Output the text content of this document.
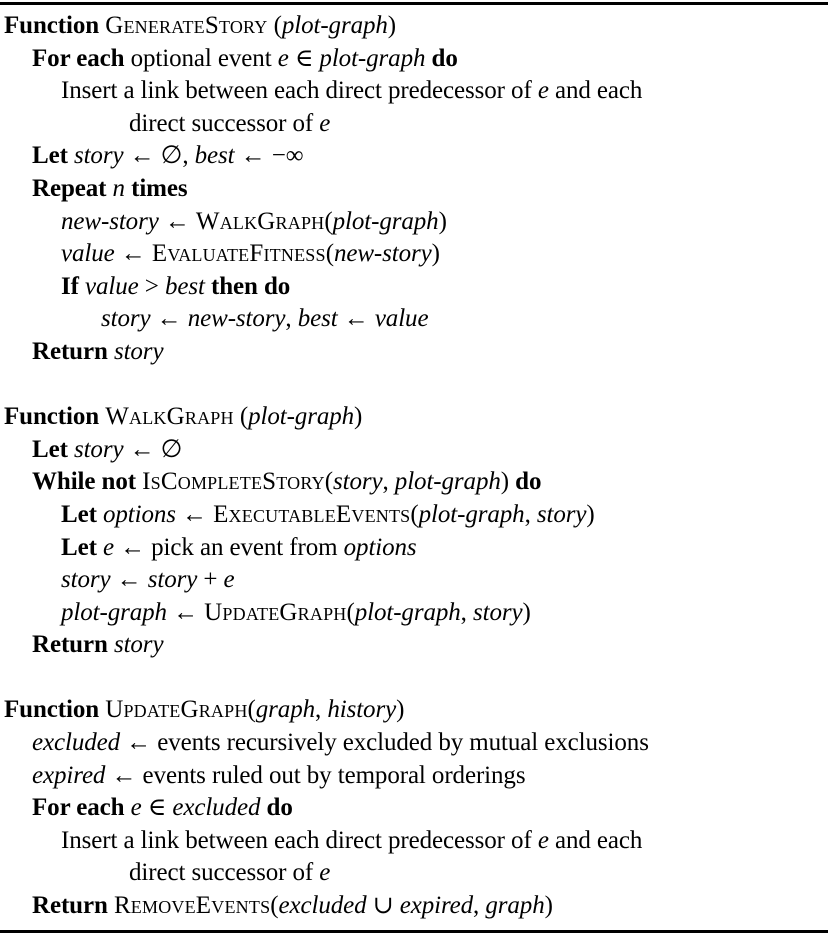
Function GenerateStory (plot-graph)
For each optional event e ∈ plot-graph do
Insert a link between each direct predecessor of e and each
direct successor of e
Let story ← ∅, best ← −∞
Repeat n times
new-story ← WalkGraph(plot-graph)
value ← EvaluateFitness(new-story)
If value > best then do
story ← new-story, best ← value
Return story
Function WalkGraph (plot-graph)
Let story ← ∅
While not IsCompleteStory(story, plot-graph) do
Let options ← ExecutableEvents(plot-graph, story)
Let e ← pick an event from options
story ← story + e
plot-graph ← UpdateGraph(plot-graph, story)
Return story
Function UpdateGraph(graph, history)
excluded ← events recursively excluded by mutual exclusions
expired ← events ruled out by temporal orderings
For each e ∈ excluded do
Insert a link between each direct predecessor of e and each
direct successor of e
Return RemoveEvents(excluded ∪ expired, graph)
